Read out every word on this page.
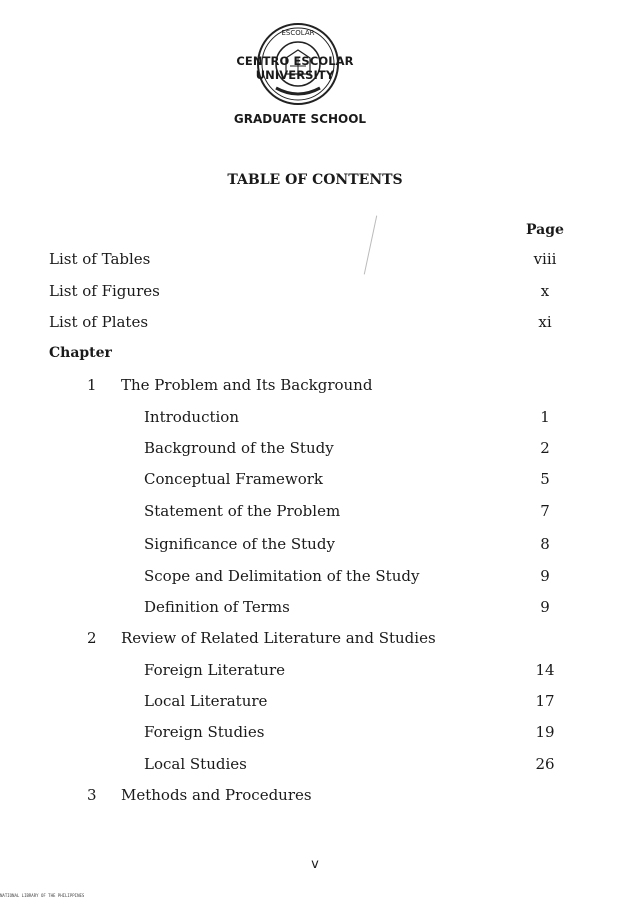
ESCOLAR
CENTRO ESCOLAR UNIVERSITY
GRADUATE SCHOOL
TABLE OF CONTENTS
Page
List of Tables	viii
List of Figures	x
List of Plates	xi
Chapter
1 The Problem and Its Background
Introduction	1
Background of the Study	2
Conceptual Framework	5
Statement of the Problem	7
Significance of the Study	8
Scope and Delimitation of the Study	9
Definition of Terms	9
2 Review of Related Literature and Studies
Foreign Literature	14
Local Literature	17
Foreign Studies	19
Local Studies	26
3 Methods and Procedures
v
NATIONAL LIBRARY OF THE PHILIPPINES
